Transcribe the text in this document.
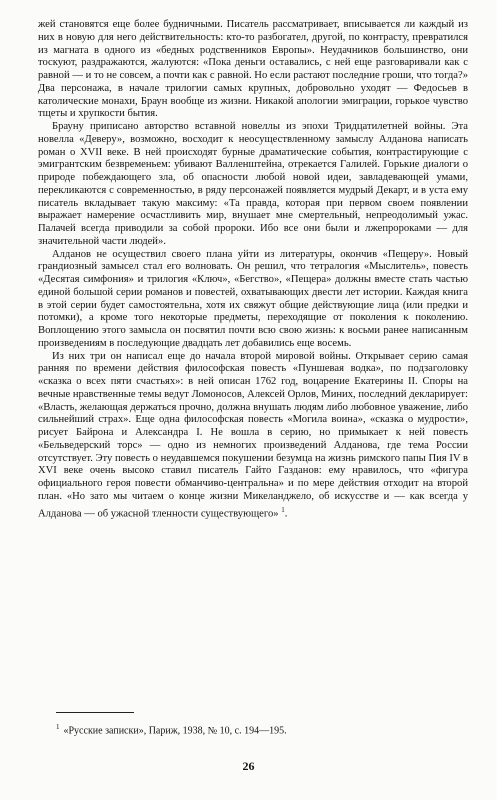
жей становятся еще более будничными. Писатель рассматривает, вписывается ли каждый из них в новую для него действительность: кто-то разбогател, другой, по контрасту, превратился из магната в одного из «бедных родственников Европы». Неудачников большинство, они тоскуют, раздражаются, жалуются: «Пока деньги оставались, с ней еще разговаривали как с равной — и то не совсем, а почти как с равной. Но если растают последние гроши, что тогда?» Два персонажа, в начале трилогии самых крупных, добровольно уходят — Федосьев в католические монахи, Браун вообще из жизни. Никакой апологии эмиграции, горькое чувство тщеты и хрупкости бытия.

Брауну приписано авторство вставной новеллы из эпохи Тридцатилетней войны. Эта новелла «Деверу», возможно, восходит к неосуществленному замыслу Алданова написать роман о XVII веке. В ней происходят бурные драматические события, контрастирующие с эмигрантским безвременьем: убивают Валленштейна, отрекается Галилей. Горькие диалоги о природе побеждающего зла, об опасности любой новой идеи, завладевающей умами, перекликаются с современностью, в ряду персонажей появляется мудрый Декарт, и в уста ему писатель вкладывает такую максиму: «Та правда, которая при первом своем появлении выражает намерение осчастливить мир, внушает мне смертельный, непреодолимый ужас. Палачей всегда приводили за собой пророки. Ибо все они были и лжепророками — для значительной части людей».

Алданов не осуществил своего плана уйти из литературы, окончив «Пещеру». Новый грандиозный замысел стал его волновать. Он решил, что тетралогия «Мыслитель», повесть «Десятая симфония» и трилогия «Ключ», «Бегство», «Пещера» должны вместе стать частью единой большой серии романов и повестей, охватывающих двести лет истории. Каждая книга в этой серии будет самостоятельна, хотя их свяжут общие действующие лица (или предки и потомки), а кроме того некоторые предметы, переходящие от поколения к поколению. Воплощению этого замысла он посвятил почти всю свою жизнь: к восьми ранее написанным произведениям в последующие двадцать лет добавились еще восемь.

Из них три он написал еще до начала второй мировой войны. Открывает серию самая ранняя по времени действия философская повесть «Пуншевая водка», по подзаголовку «сказка о всех пяти счастьях»: в ней описан 1762 год, воцарение Екатерины II. Споры на вечные нравственные темы ведут Ломоносов, Алексей Орлов, Миних, последний декларирует: «Власть, желающая держаться прочно, должна внушать людям либо любовное уважение, либо сильнейший страх». Еще одна философская повесть «Могила воина», «сказка о мудрости», рисует Байрона и Александра I. Не вошла в серию, но примыкает к ней повесть «Бельведерский торс» — одно из немногих произведений Алданова, где тема России отсутствует. Эту повесть о неудавшемся покушении безумца на жизнь римского папы Пия IV в XVI веке очень высоко ставил писатель Гайто Газданов: ему нравилось, что «фигура официального героя повести обманчиво-центральна» и по мере действия отходит на второй план. «Но зато мы читаем о конце жизни Микеланджело, об искусстве и — как всегда у Алданова — об ужасной тленности существующего» $^1$.

$^1$ «Русские записки», Париж, 1938, № 10, с. 194—195.
26
